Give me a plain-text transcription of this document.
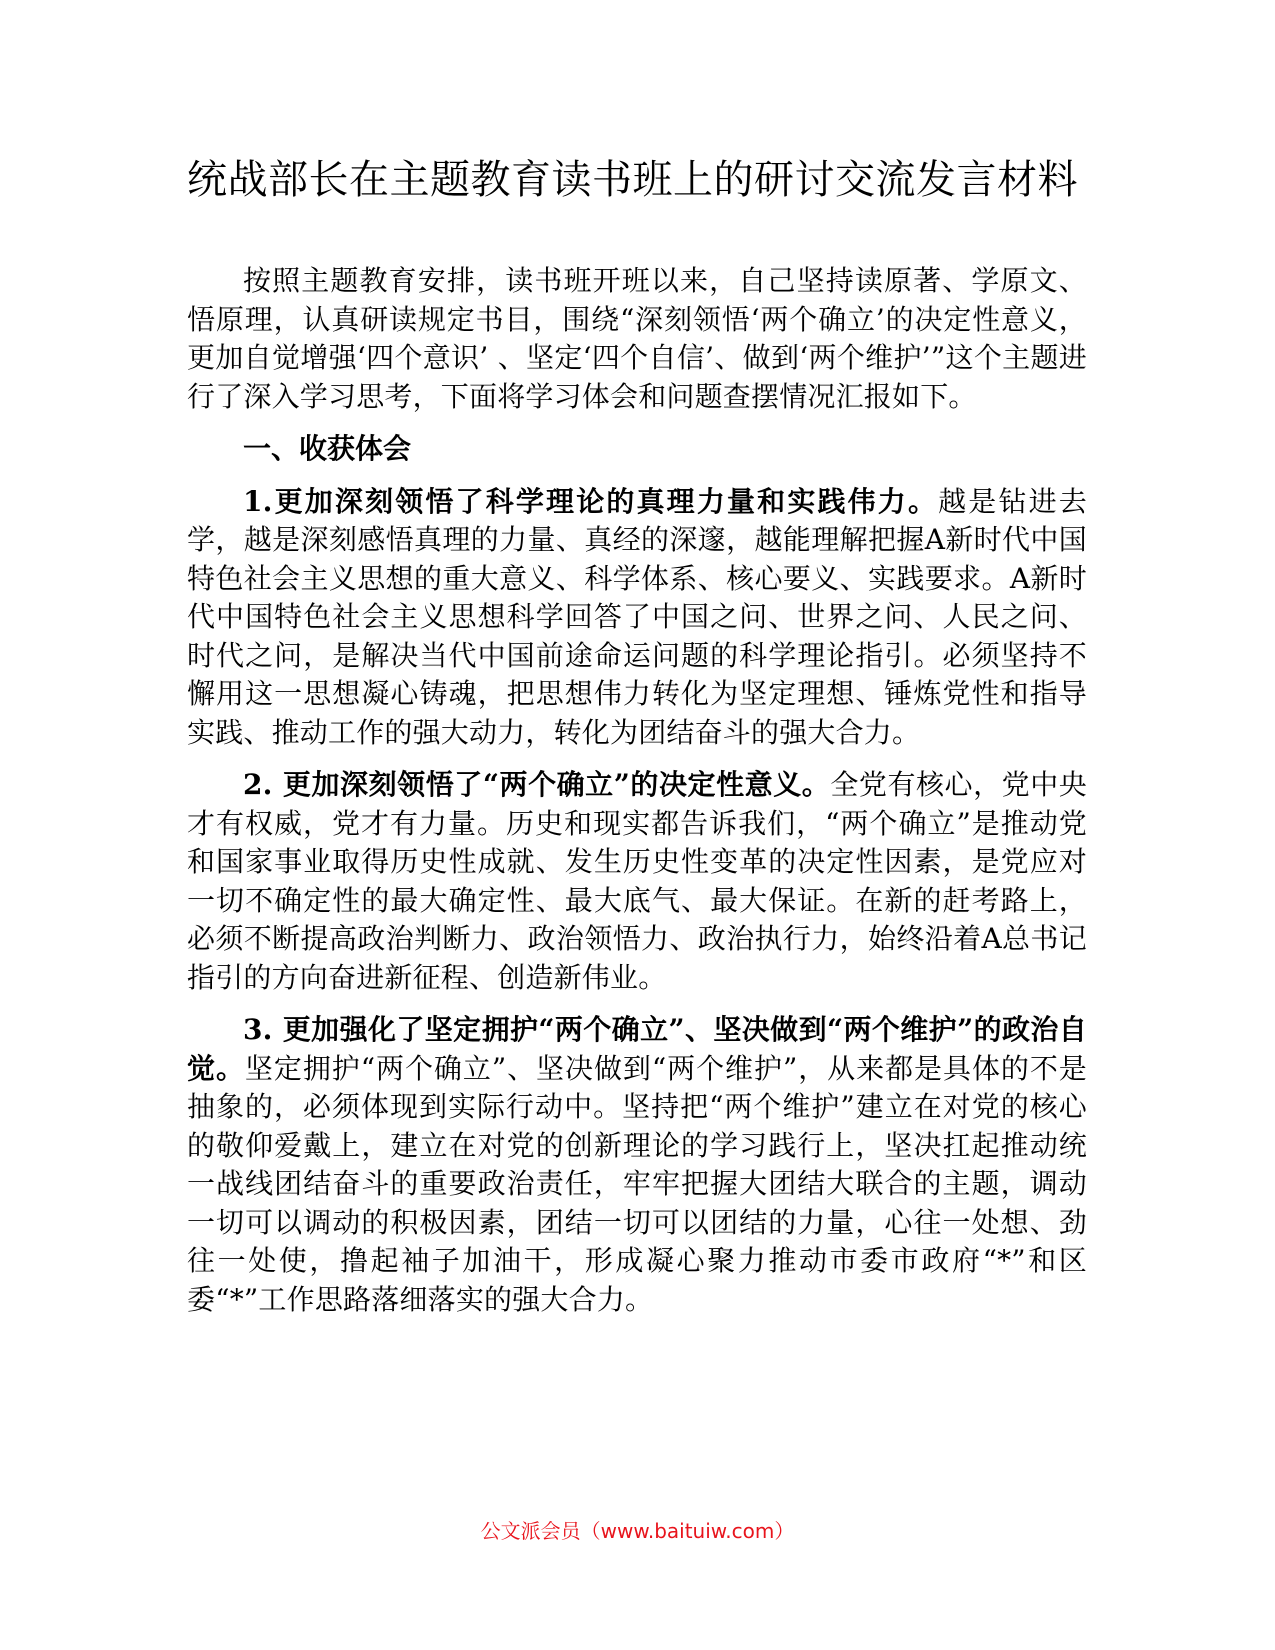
统战部长在主题教育读书班上的研讨交流发言材料

按照主题教育安排，读书班开班以来，自己坚持读原著、学原文、悟原理，认真研读规定书目，围绕“深刻领悟‘两个确立’的决定性意义，更加自觉增强‘四个意识’ 、坚定‘四个自信’、做到‘两个维护’”这个主题进行了深入学习思考，下面将学习体会和问题查摆情况汇报如下。

一、收获体会

1.更加深刻领悟了科学理论的真理力量和实践伟力。越是钻进去学，越是深刻感悟真理的力量、真经的深邃，越能理解把握A新时代中国特色社会主义思想的重大意义、科学体系、核心要义、实践要求。A新时代中国特色社会主义思想科学回答了中国之问、世界之问、人民之问、时代之问，是解决当代中国前途命运问题的科学理论指引。必须坚持不懈用这一思想凝心铸魂，把思想伟力转化为坚定理想、锤炼党性和指导实践、推动工作的强大动力，转化为团结奋斗的强大合力。

2. 更加深刻领悟了“两个确立”的决定性意义。全党有核心，党中央才有权威，党才有力量。历史和现实都告诉我们，“两个确立”是推动党和国家事业取得历史性成就、发生历史性变革的决定性因素，是党应对一切不确定性的最大确定性、最大底气、最大保证。在新的赶考路上，必须不断提高政治判断力、政治领悟力、政治执行力，始终沿着A总书记指引的方向奋进新征程、创造新伟业。

3. 更加强化了坚定拥护“两个确立”、坚决做到“两个维护”的政治自觉。坚定拥护“两个确立”、坚决做到“两个维护”，从来都是具体的不是抽象的，必须体现到实际行动中。坚持把“两个维护”建立在对党的核心的敬仰爱戴上，建立在对党的创新理论的学习践行上，坚决扛起推动统一战线团结奋斗的重要政治责任，牢牢把握大团结大联合的主题，调动一切可以调动的积极因素，团结一切可以团结的力量，心往一处想、劲往一处使，撸起袖子加油干，形成凝心聚力推动市委市政府“*”和区委“*”工作思路落细落实的强大合力。

公文派会员（www.baituiw.com）
